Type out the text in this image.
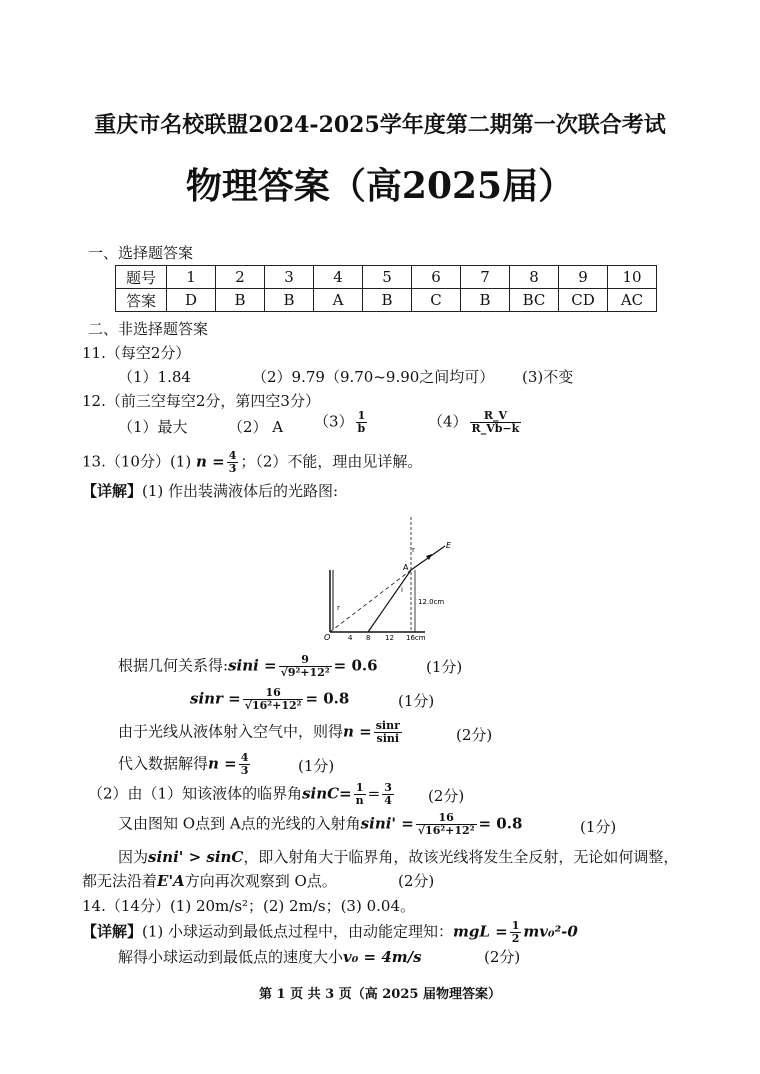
重庆市名校联盟2024-2025学年度第二期第一次联合考试
物理答案（高2025届）
一、选择题答案
题号	1	2	3	4	5	6	7	8	9	10
答案	D	B	B	A	B	C	B	BC	CD	AC
二、非选择题答案
11.（每空2分）
（1）1.84	（2）9.79（9.70~9.90之间均可） (3)不变
12.（前三空每空2分，第四空3分）
（1）最大	（2） A $(3) \frac{1}{b}$	$(4) \frac{R\_V}{R\_Vb-k}$
13.（10分）(1) $n = \frac{4}{3}$ ；（2）不能，理由见详解。
【详解】(1) 作出装满液体后的光路图:
12.0cm
A
E
r
i
r
O	4 8 12 16cm
根据几何关系得:sini = $\frac{9}{\text{√9²+12²}} = 0.6$	(1分)
$\sin r = \frac{16}{\text{√16²+12²}} = 0.8$	(1分)
由于光线从液体射入空气中，则得$n = \frac{\sin r}{\sin i}$	(2分)
代入数据解得$n = \frac{4}{3}$	(1分)
（2）由（1）知该液体的临界角$\sin C= \frac{1}{n} = \frac{3}{4} (2$分)
又由图知 O点到 A点的光线的入射角$\sin i' = \frac{16}{\text{√16²+12²}} = 0.8$	(1分)
因为sini' > sinC，即入射角大于临界角，故该光线将发生全反射，无论如何调整，
都无法沿着E'A方向再次观察到 O点。	(2分)
14.（14分）(1) 20m/s²；(2) 2m/s；(3) 0.04。
【详解】(1) 小球运动到最低点过程中，由动能定理知：mgL = $\frac{1}{2} mv_0^2-0$
解得小球运动到最低点的速度大小v₀ = 4m/s	(2分)
第 1 页 共 3 页（高 2025 届物理答案）
